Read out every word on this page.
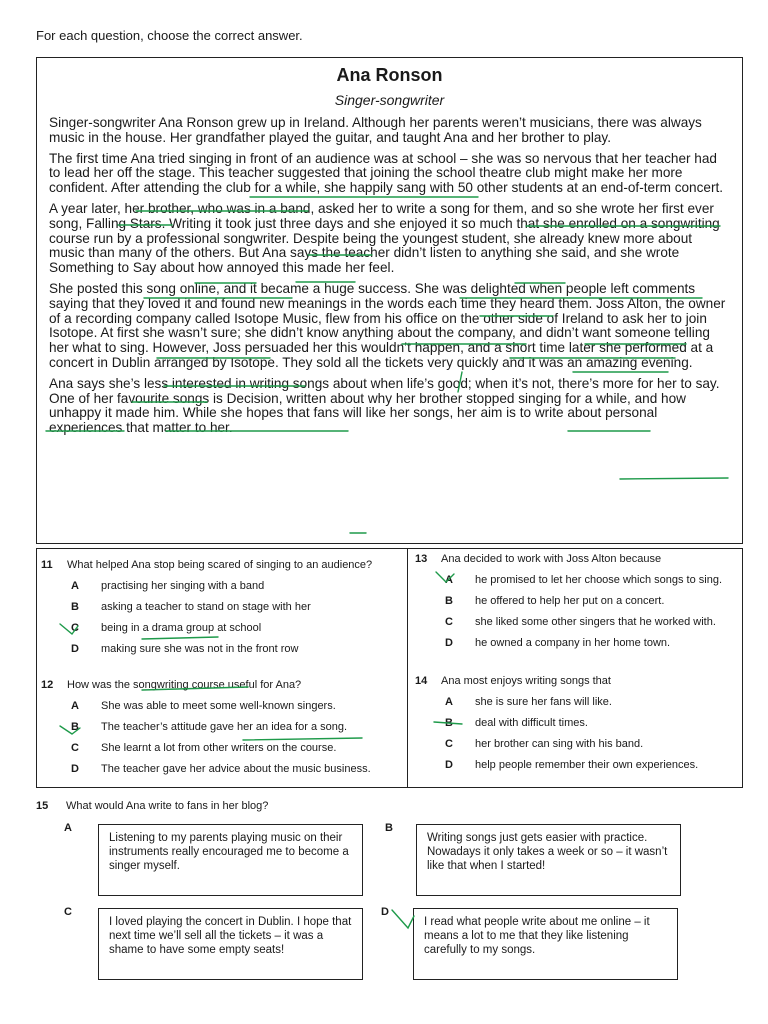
For each question, choose the correct answer.
Ana Ronson
Singer-songwriter

Singer-songwriter Ana Ronson grew up in Ireland. Although her parents weren’t musicians, there was always music in the house. Her grandfather played the guitar, and taught Ana and her brother to play.

The first time Ana tried singing in front of an audience was at school – she was so nervous that her teacher had to lead her off the stage. This teacher suggested that joining the school theatre club might make her more confident. After attending the club for a while, she happily sang with 50 other students at an end-of-term concert.

A year later, her brother, who was in a band, asked her to write a song for them, and so she wrote her first ever song, Falling Stars. Writing it took just three days and she enjoyed it so much that she enrolled on a songwriting course run by a professional songwriter. Despite being the youngest student, she already knew more about music than many of the others. But Ana says the teacher didn’t listen to anything she said, and she wrote Something to Say about how annoyed this made her feel.

She posted this song online, and it became a huge success. She was delighted when people left comments saying that they loved it and found new meanings in the words each time they heard them. Joss Alton, the owner of a recording company called Isotope Music, flew from his office on the other side of Ireland to ask her to join Isotope. At first she wasn’t sure; she didn’t know anything about the company, and didn’t want someone telling her what to sing. However, Joss persuaded her this wouldn’t happen, and a short time later she performed at a concert in Dublin arranged by Isotope. They sold all the tickets very quickly and it was an amazing evening.

Ana says she’s less interested in writing songs about when life’s good; when it’s not, there’s more for her to say. One of her favourite songs is Decision, written about why her brother stopped singing for a while, and how unhappy it made him. While she hopes that fans will like her songs, her aim is to write about personal experiences that matter to her.

11	What helped Ana stop being scared of singing to an audience?
A	practising her singing with a band
B	asking a teacher to stand on stage with her
C	being in a drama group at school
D	making sure she was not in the front row
12	How was the songwriting course useful for Ana?
A	She was able to meet some well-known singers.
B	The teacher’s attitude gave her an idea for a song.
C	She learnt a lot from other writers on the course.
D	The teacher gave her advice about the music business.
13	Ana decided to work with Joss Alton because
A	he promised to let her choose which songs to sing.
B	he offered to help her put on a concert.
C	she liked some other singers that he worked with.
D	he owned a company in her home town.
14	Ana most enjoys writing songs that
A	she is sure her fans will like.
B	deal with difficult times.
C	her brother can sing with his band.
D	help people remember their own experiences.
15	What would Ana write to fans in her blog?
A
Listening to my parents playing music on their instruments really encouraged me to become a singer myself.
B
Writing songs just gets easier with practice. Nowadays it only takes a week or so – it wasn’t like that when I started!
C
I loved playing the concert in Dublin. I hope that next time we’ll sell all the tickets – it was a shame to have some empty seats!
D
I read what people write about me online – it means a lot to me that they like listening carefully to my songs.
